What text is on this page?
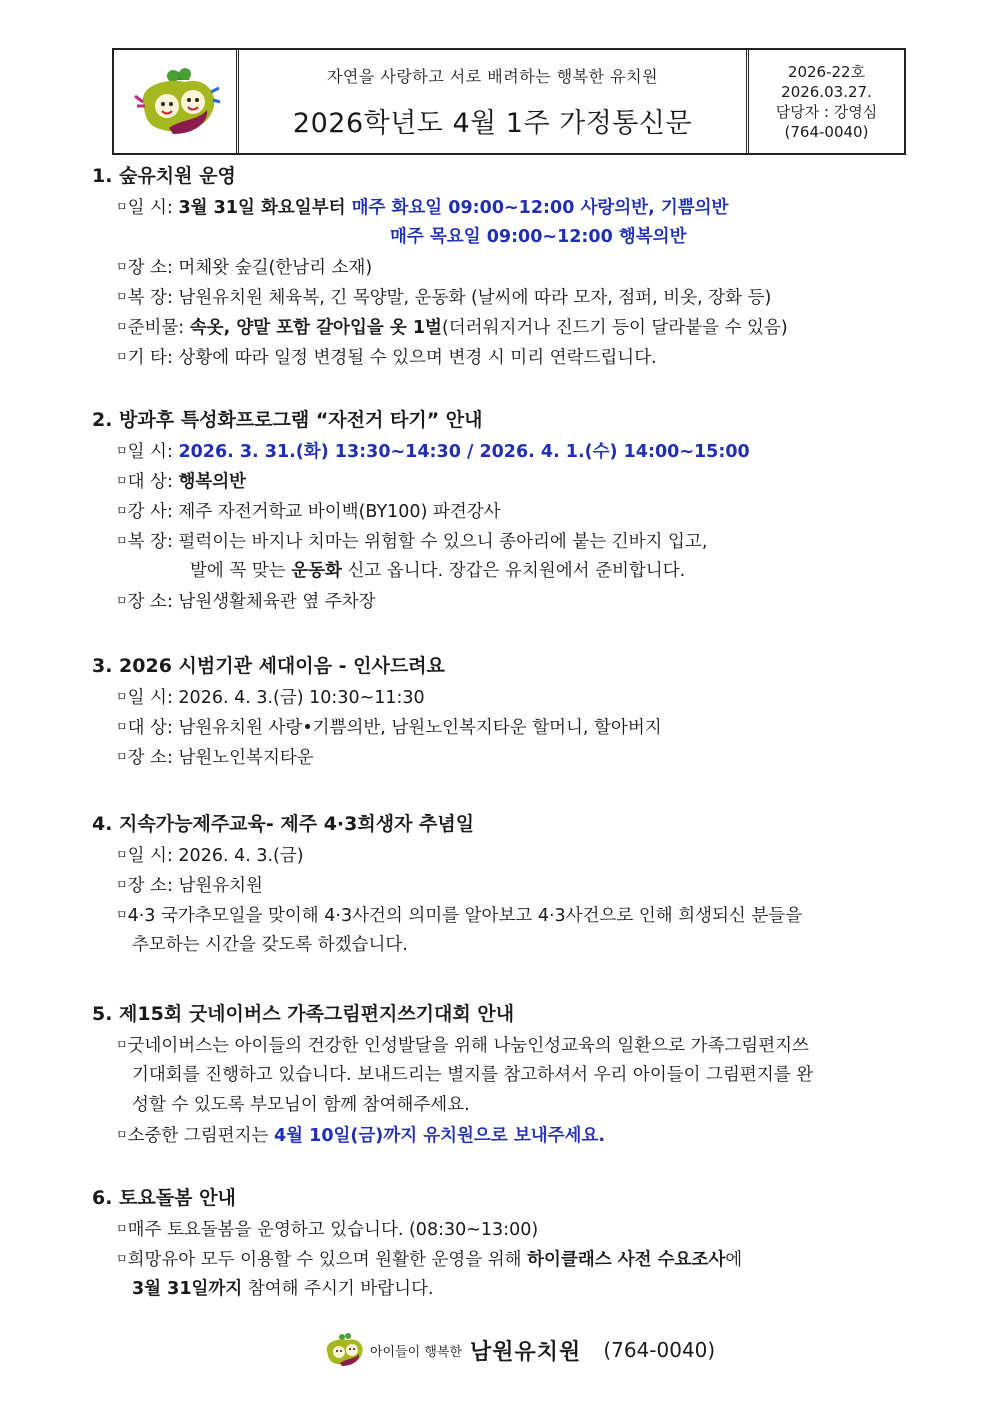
자연을 사랑하고 서로 배려하는 행복한 유치원
2026학년도 4월 1주 가정통신문
2026-22호
2026.03.27.
담당자 : 강영심
(764-0040)
1. 숲유치원 운영
ㅁ일 시: 3월 31일 화요일부터 매주 화요일 09:00~12:00 사랑의반, 기쁨의반
매주 목요일 09:00~12:00 행복의반
ㅁ장 소: 머체왓 숲길(한남리 소재)
ㅁ복 장: 남원유치원 체육복, 긴 목양말, 운동화 (날씨에 따라 모자, 점퍼, 비옷, 장화 등)
ㅁ준비물: 속옷, 양말 포함 갈아입을 옷 1벌(더러워지거나 진드기 등이 달라붙을 수 있음)
ㅁ기 타: 상황에 따라 일정 변경될 수 있으며 변경 시 미리 연락드립니다.
2. 방과후 특성화프로그램 “자전거 타기” 안내
ㅁ일 시: 2026. 3. 31.(화) 13:30~14:30 / 2026. 4. 1.(수) 14:00~15:00
ㅁ대 상: 행복의반
ㅁ강 사: 제주 자전거학교 바이백(BY100) 파견강사
ㅁ복 장: 펄럭이는 바지나 치마는 위험할 수 있으니 종아리에 붙는 긴바지 입고,
발에 꼭 맞는 운동화 신고 옵니다. 장갑은 유치원에서 준비합니다.
ㅁ장 소: 남원생활체육관 옆 주차장
3. 2026 시범기관 세대이음 - 인사드려요
ㅁ일 시: 2026. 4. 3.(금) 10:30~11:30
ㅁ대 상: 남원유치원 사랑•기쁨의반, 남원노인복지타운 할머니, 할아버지
ㅁ장 소: 남원노인복지타운
4. 지속가능제주교육- 제주 4·3희생자 추념일
ㅁ일 시: 2026. 4. 3.(금)
ㅁ장 소: 남원유치원
ㅁ4·3 국가추모일을 맞이해 4·3사건의 의미를 알아보고 4·3사건으로 인해 희생되신 분들을
추모하는 시간을 갖도록 하겠습니다.
5. 제15회 굿네이버스 가족그림편지쓰기대회 안내
ㅁ굿네이버스는 아이들의 건강한 인성발달을 위해 나눔인성교육의 일환으로 가족그림편지쓰
기대회를 진행하고 있습니다. 보내드리는 별지를 참고하셔서 우리 아이들이 그림편지를 완
성할 수 있도록 부모님이 함께 참여해주세요.
ㅁ소중한 그림편지는 4월 10일(금)까지 유치원으로 보내주세요.
6. 토요돌봄 안내
ㅁ매주 토요돌봄을 운영하고 있습니다. (08:30~13:00)
ㅁ희망유아 모두 이용할 수 있으며 원활한 운영을 위해 하이클래스 사전 수요조사에
3월 31일까지 참여해 주시기 바랍니다.
아이들이 행복한 남원유치원 (764-0040)
